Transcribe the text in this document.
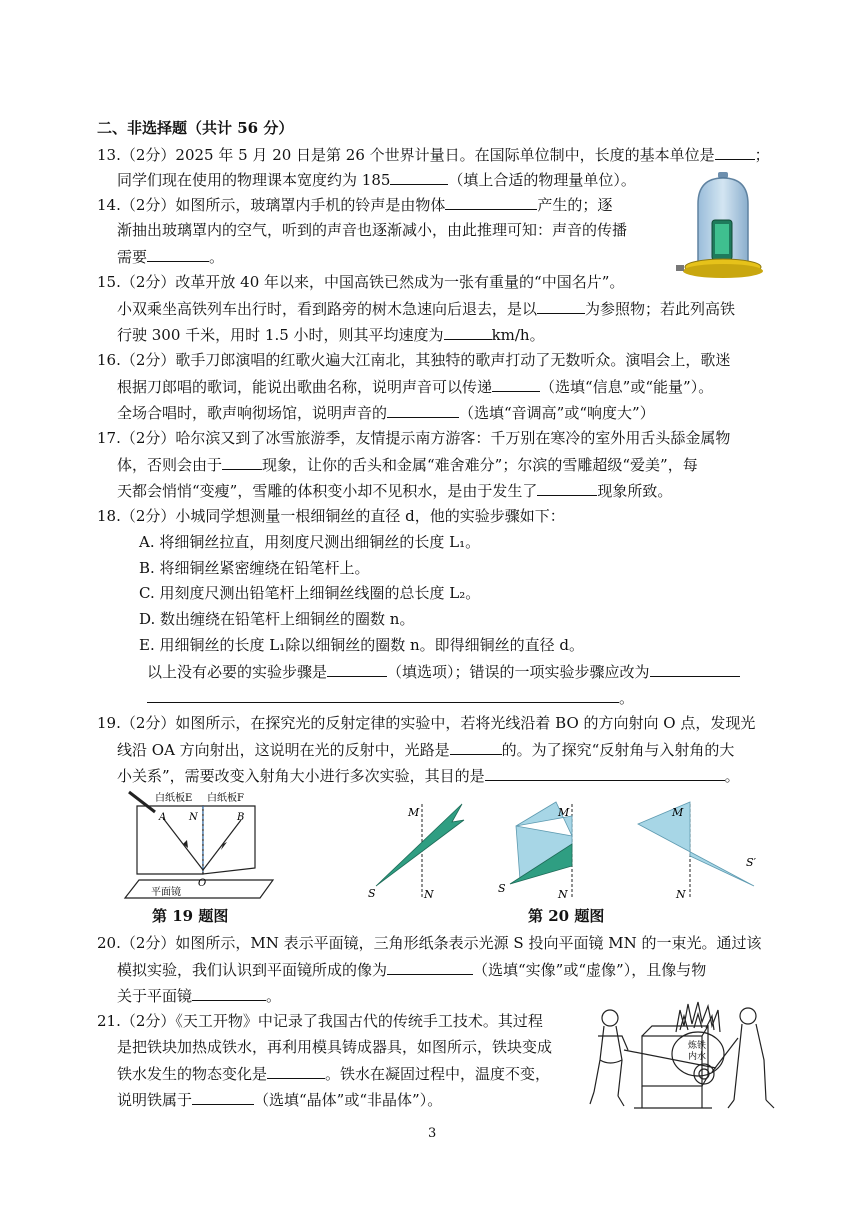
二、非选择题（共计 56 分）
13.（2分）2025 年 5 月 20 日是第 26 个世界计量日。在国际单位制中，长度的基本单位是	；
同学们现在使用的物理课本宽度约为 185	（填上合适的物理量单位）。
14.（2分）如图所示，玻璃罩内手机的铃声是由物体	产生的；逐
渐抽出玻璃罩内的空气，听到的声音也逐渐减小，由此推理可知：声音的传播
需要	。
15.（2分）改革开放 40 年以来，中国高铁已然成为一张有重量的“中国名片”。
小双乘坐高铁列车出行时，看到路旁的树木急速向后退去，是以	为参照物；若此列高铁
行驶 300 千米，用时 1.5 小时，则其平均速度为	km/h。
16.（2分）歌手刀郎演唱的红歌火遍大江南北，其独特的歌声打动了无数听众。演唱会上，歌迷
根据刀郎唱的歌词，能说出歌曲名称，说明声音可以传递	（选填“信息”或“能量”）。
全场合唱时，歌声响彻场馆，说明声音的	（选填“音调高”或“响度大”）
17.（2分）哈尔滨又到了冰雪旅游季，友情提示南方游客：千万别在寒冷的室外用舌头舔金属物
体，否则会由于	现象，让你的舌头和金属“难舍难分”；尔滨的雪雕超级“爱美”，每
天都会悄悄“变瘦”，雪雕的体积变小却不见积水，是由于发生了	现象所致。
18.（2分）小城同学想测量一根细铜丝的直径 d，他的实验步骤如下：
A. 将细铜丝拉直，用刻度尺测出细铜丝的长度 L₁。
B. 将细铜丝紧密缠绕在铅笔杆上。
C. 用刻度尺测出铅笔杆上细铜丝线圈的总长度 L₂。
D. 数出缠绕在铅笔杆上细铜丝的圈数 n。
E. 用细铜丝的长度 L₁除以细铜丝的圈数 n。即得细铜丝的直径 d。
以上没有必要的实验步骤是	（填选项）；错误的一项实验步骤应改为
。
19.（2分）如图所示，在探究光的反射定律的实验中，若将光线沿着 BO 的方向射向 O 点，发现光
线沿 OA 方向射出，这说明在光的反射中，光路是	的。为了探究“反射角与入射角的大
小关系”，需要改变入射角大小进行多次实验，其目的是	。
白纸板E 白纸板F
A N	B
O
平面镜
第 19 题图
M
N
S
M
N
S
M
N
S′
第 20 题图
20.（2分）如图所示，MN 表示平面镜，三角形纸条表示光源 S 投向平面镜 MN 的一束光。通过该
模拟实验，我们认识到平面镜所成的像为	（选填“实像”或“虚像”），且像与物
关于平面镜	。
21.（2分）《天工开物》中记录了我国古代的传统手工技术。其过程
是把铁块加热成铁水，再利用模具铸成器具，如图所示，铁块变成
铁水发生的物态变化是	。铁水在凝固过程中，温度不变，
说明铁属于	（选填“晶体”或“非晶体”）。
炼铁
内水
3
